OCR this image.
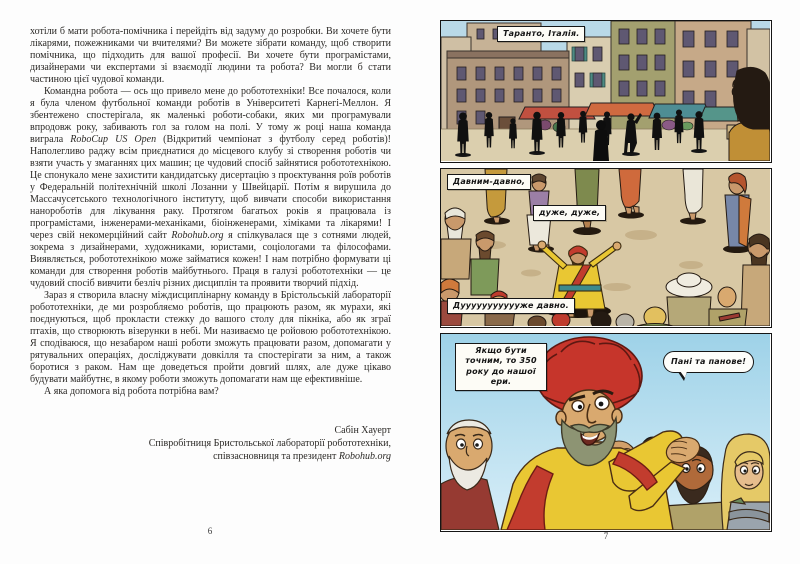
хотіли б мати робота-помічника і перейдіть від задуму до розробки. Ви хочете бути лікарями, пожежниками чи вчителями? Ви можете зібрати команду, щоб створити помічника, що підходить для вашої професії. Ви хочете бути програмістами, дизайнерами чи експертами зі взаємодії людини та робота? Ви могли б стати частиною цієї чудової команди.

Командна робота — ось що привело мене до робототехніки! Все почалося, коли я була членом футбольної команди роботів в Університеті Карнегі-Меллон. Я збентежено спостерігала, як маленькі роботи-собаки, яких ми програмували впродовж року, забивають гол за голом на полі. У тому ж році наша команда виграла RoboCup US Open (Відкритий чемпіонат з футболу серед роботів)! Наполегливо раджу всім приєднатися до місцевого клубу зі створення роботів чи взяти участь у змаганнях цих машин; це чудовий спосіб зайнятися робототехнікою. Це спонукало мене захистити кандидатську дисертацію з проєктування роїв роботів у Федеральній політехнічній школі Лозанни у Швейцарії. Потім я вирушила до Массачусетського технологічного інституту, щоб вивчати способи використання нанороботів для лікування раку. Протягом багатьох років я працювала із програмістами, інженерами-механіками, біоінженерами, хіміками та лікарями! І через свій некомерційний сайт Robohub.org я спілкувалася ще з сотнями людей, зокрема з дизайнерами, художниками, юристами, соціологами та філософами. Виявляється, робототехнікою може займатися кожен! І нам потрібно формувати ці команди для створення роботів майбутнього. Праця в галузі робототехніки — це чудовий спосіб вивчити безліч різних дисциплін та проявити творчий підхід.

Зараз я створила власну міждисциплінарну команду в Брістольській лабораторії робототехніки, де ми розробляємо роботів, що працюють разом, як мурахи, які поєднуються, щоб прокласти стежку до вашого столу для пікніка, або як зграї птахів, що створюють візерунки в небі. Ми називаємо це ройовою робототехнікою. Я сподіваюся, що незабаром наші роботи зможуть працювати разом, допомагати у рятувальних операціях, досліджувати довкілля та спостерігати за ним, а також боротися з раком. Нам ще доведеться пройти довгий шлях, але дуже цікаво будувати майбутнє, в якому роботи зможуть допомагати нам ще ефективніше.

А яка допомога від робота потрібна вам?

Сабін Хауерт
Співробітниця Бристольської лабораторії робототехніки,
співзасновниця та президент Robohub.org
6
Таранто, Італія.
Давним-давно,
дуже, дуже,
Дуууууууууууже давно.
Якщо бути точним, то 350 року до нашої ери.
Пані та панове!
7
